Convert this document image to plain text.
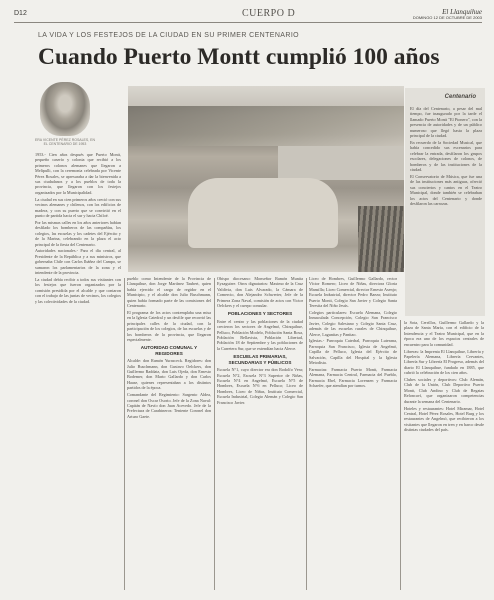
D12	CUERPO D	El Llanquihue
DOMINGO 12 DE OCTUBRE DE 2003
LA VIDA Y LOS FESTEJOS DE LA CIUDAD EN SU PRIMER CENTENARIO
Cuando Puerto Montt cumplió 100 años
ERA VICENTE PÉREZ ROSALES, EN EL CENTENARIO DE 1953
Centenario

El día del Centenario, a pesar del mal tiempo, fue inaugurado por la tarde el llamado Puerto Montt "El Pionero", con la presencia de autoridades y de un público numeroso que llegó hasta la plaza principal de la ciudad.

En recuerdo de la Sociedad Musical, que había concedido sus escenarios para celebrar la entrada, desfilaron los grupos escolares, delegaciones de colonos, de bomberos y de las instituciones de la ciudad.

El Conservatorio de Música, que fue una de las instituciones más antiguas, ofreció sus conciertos y cantos en el Teatro Municipal, donde también se celebraban los actos del Centenario y donde desfilaron las carrozas.

1953.- Cien años después que Puerto Montt, pequeño caserío y colonia que recibió a los primeros colonos alemanes que llegaron a Melipulli, con la ceremonia celebrada por Vicente Pérez Rosales, se apresuraba a dar la bienvenida a sus ciudadanos y a los pueblos de toda la provincia, que llegaron con los festejos organizados por la Municipalidad.

La ciudad en sus cien primeros años creció con sus vecinos alemanes y chilenos, con los edificios de madera, y con su puerto que se convirtió en el punto de partida hacia el sur y hacia Chiloé.

Por las mismas calles en los años anteriores habían desfilado los bomberos de las compañías, los colegios, las escuelas y los cadetes del Ejército y de la Marina, celebrando en la plaza el acto principal de la fiesta del Centenario.

Autoridades nacionales.- Para el día central, al Presidente de la República y a sus ministros, que gobernaba Chile con Carlos Ibáñez del Campo, se sumaron los parlamentarios de la zona y el intendente de la provincia.

La ciudad debía recibir a todos sus visitantes con los festejos que fueron organizados por la comisión presidida por el alcalde y que contaron con el trabajo de las juntas de vecinos, los colegios y las colectividades de la ciudad.

pueblo como Intendente de la Provincia de Llanquihue, don Jorge Martínez Taubert, quien había ejercido el cargo de regidor en el Municipio, y el alcalde don Julio Buschmann, quien había formado parte de las comisiones del Centenario.

El programa de los actos contemplaba una misa en la Iglesia Catedral y un desfile que recorrió las principales calles de la ciudad, con la participación de los colegios, de las escuelas y de los bomberos de la provincia, que llegaron especialmente.

AUTORIDAD COMUNAL Y REGIDORES

Alcalde: don Ramón Yurasceck. Regidores: don Julio Buschmann, don Gustavo Oelckers, don Guillermo Raddatz, don Luis Ojeda, don Ernesto Bodemer, don Mario Gallardo y don Carlos Haase, quienes representaban a los distintos partidos de la época.

Comandante del Regimiento: Sargento Aldea, coronel don Oscar Osorio. Jefe de la Zona Naval: Capitán de Navío don Juan Acevedo. Jefe de la Prefectura de Carabineros: Teniente Coronel don Arturo Gaete.

Obispo diocesano: Monseñor Ramón Munita Eyzaguirre. Otros dignatarios: Maximo de la Cruz Valdivia, don Luis Alvarado, la Cámara de Comercio, don Alejandro Schwerter, Jefe de la Primera Zona Naval, comisión de actos con Victor Oelckers y el cuerpo consular.

POBLACIONES Y SECTORES

Entre el centro y las poblaciones de la ciudad crecieron los sectores de Angelmó, Chinquihue, Pelluco, Población Modelo, Población Santa Rosa, Población Bellavista, Población Libertad, Población 18 de Septiembre y las poblaciones de la Carretera Sur, que se extendían hacia Alerce.

ESCUELAS PRIMARIAS, SECUNDARIAS Y PÚBLICOS

Escuela N°1, cuyo director era don Rodolfo Vera; Escuela N°2, Escuela N°3 Superior de Niñas, Escuela N°4 en Angelmó, Escuela N°5 de Hombres, Escuela N°6 en Pelluco; Liceo de Hombres, Liceo de Niñas, Instituto Comercial, Escuela Industrial, Colegio Alemán y Colegio San Francisco Javier.

Liceo de Hombres, Guillermo Gallardo, rector Víctor Romero; Liceo de Niñas, directora Gloria Mansilla; Liceo Comercial, director Ernesto Asenjo; Escuela Industrial, director Pedro Baeza; Instituto Puerto Montt, Colegio San Javier y Colegio Santa Teresita del Niño Jesús.

Colegios particulares: Escuela Alemana, Colegio Inmaculada Concepción, Colegio San Francisco Javier, Colegio Salesiano y Colegio Santa Cruz, además de las escuelas rurales de Chinquihue, Alerce, Lagunitas y Panitao.

Iglesias.- Parroquia Catedral, Parroquia Luterana, Parroquia San Francisco, Iglesia de Angelmó, Capilla de Pelluco, Iglesia del Ejército de Salvación, Capilla del Hospital y la Iglesia Metodista.

Farmacias: Farmacia Puerto Montt, Farmacia Alemana, Farmacia Central, Farmacia del Pueblo, Farmacia Ebel, Farmacia Lorenzen y Farmacia Schaefer, que atendían por turnos.

la Sota, Cerrillos, Guillermo Gallardo y la plaza de Santa María, con el edificio de la Intendencia y el Teatro Municipal, que en la época era uno de los espacios centrales de encuentro para la comunidad.

Libreras: la Imprenta El Llanquihue, Librería y Papelería Alemana, Librería Cervantes, Librería Sur y Librería El Progreso, además del diario El Llanquihue, fundado en 1885, que cubrió la celebración de los cien años.

Clubes sociales y deportivos: Club Alemán, Club de la Unión, Club Deportivo Puerto Montt, Club Andino y Club de Regatas Reloncaví, que organizaron competencias durante la semana del Centenario.

Hoteles y restaurantes: Hotel Miramar, Hotel Central, Hotel Pérez Rosales, Hotel Burg y los restaurantes de Angelmó, que recibieron a los visitantes que llegaron en tren y en barco desde distintas ciudades del país.
